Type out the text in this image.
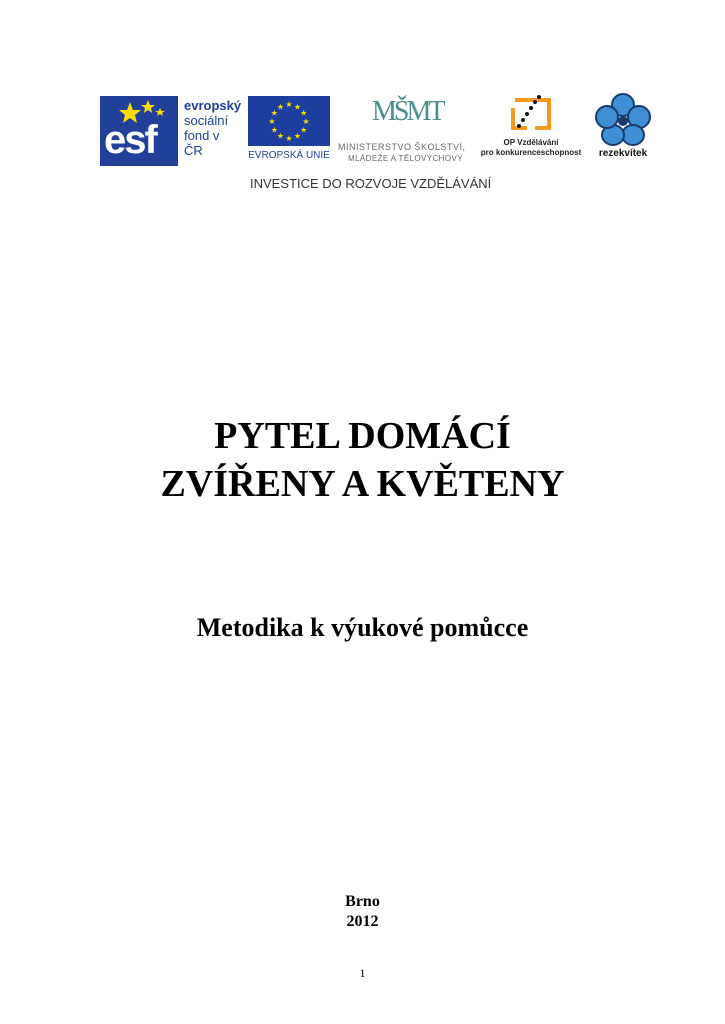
esf
evropský
sociální
fond v ČR
★ ★
★
★
★
★
★
★
★
★
★
★
EVROPSKÁ UNIE
MŠMT
MINISTERSTVO ŠKOLSTVÍ,
MLÁDEŽE A TĚLOVÝCHOVY
OP Vzdělávání
pro konkurenceschopnost	rezekvítek
INVESTICE DO ROZVOJE VZDĚLÁVÁNÍ
PYTEL DOMÁCÍ
ZVÍŘENY A KVĚTENY
Metodika k výukové pomůcce
Brno
2012
1
